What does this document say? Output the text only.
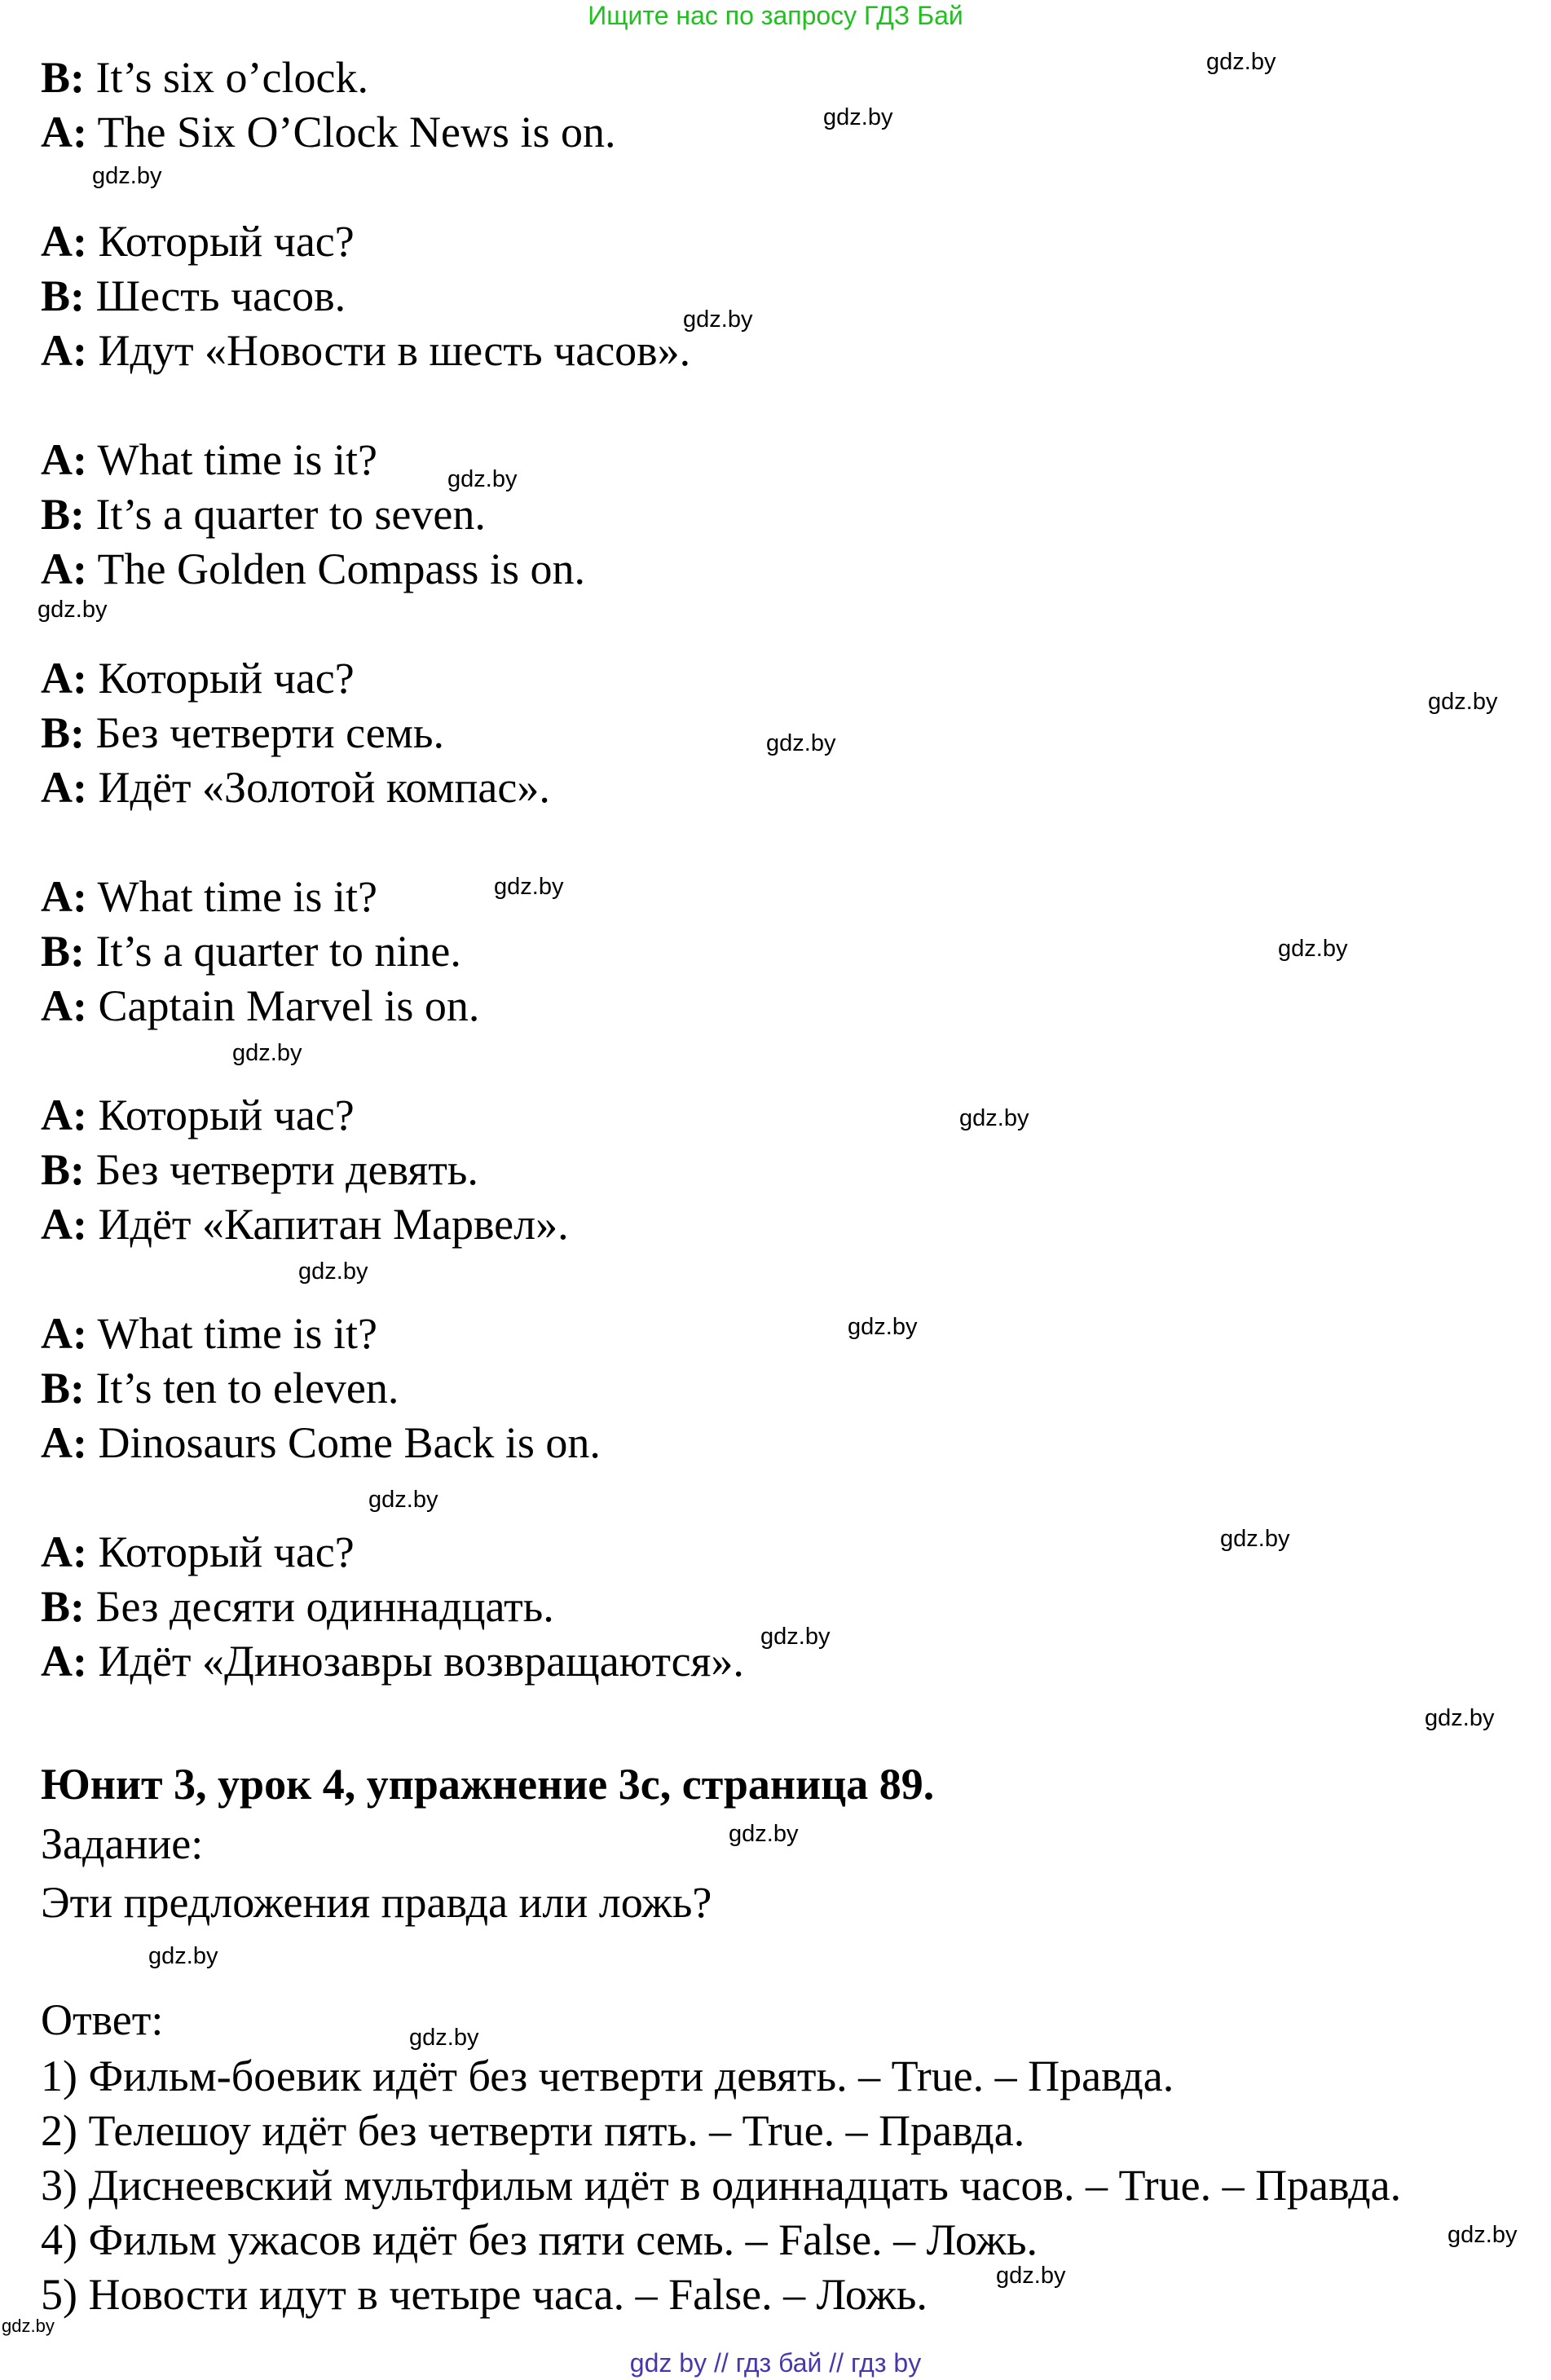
Ищите нас по запросу ГДЗ Бай
B: It’s six o’clock.
A: The Six O’Clock News is on.
A: Который час?
B: Шесть часов.
A: Идут «Новости в шесть часов».
A: What time is it?
B: It’s a quarter to seven.
A: The Golden Compass is on.
A: Который час?
B: Без четверти семь.
A: Идёт «Золотой компас».
A: What time is it?
B: It’s a quarter to nine.
A: Captain Marvel is on.
A: Который час?
B: Без четверти девять.
A: Идёт «Капитан Марвел».
A: What time is it?
B: It’s ten to eleven.
A: Dinosaurs Come Back is on.
A: Который час?
B: Без десяти одиннадцать.
A: Идёт «Динозавры возвращаются».
Юнит 3, урок 4, упражнение 3c, страница 89.
Задание:
Эти предложения правда или ложь?
Ответ:
1) Фильм-боевик идёт без четверти девять. – True. – Правда.
2) Телешоу идёт без четверти пять. – True. – Правда.
3) Диснеевский мультфильм идёт в одиннадцать часов. – True. – Правда.
4) Фильм ужасов идёт без пяти семь. – False. – Ложь.
5) Новости идут в четыре часа. – False. – Ложь.
gdz.by
gdz.by
gdz.by
gdz.by
gdz.by
gdz.by
gdz.by
gdz.by
gdz.by
gdz.by
gdz.by
gdz.by
gdz.by
gdz.by
gdz.by
gdz.by
gdz.by
gdz.by
gdz.by
gdz.by
gdz.by
gdz.by
gdz.by
gdz.by
gdz by // гдз бай // гдз by
